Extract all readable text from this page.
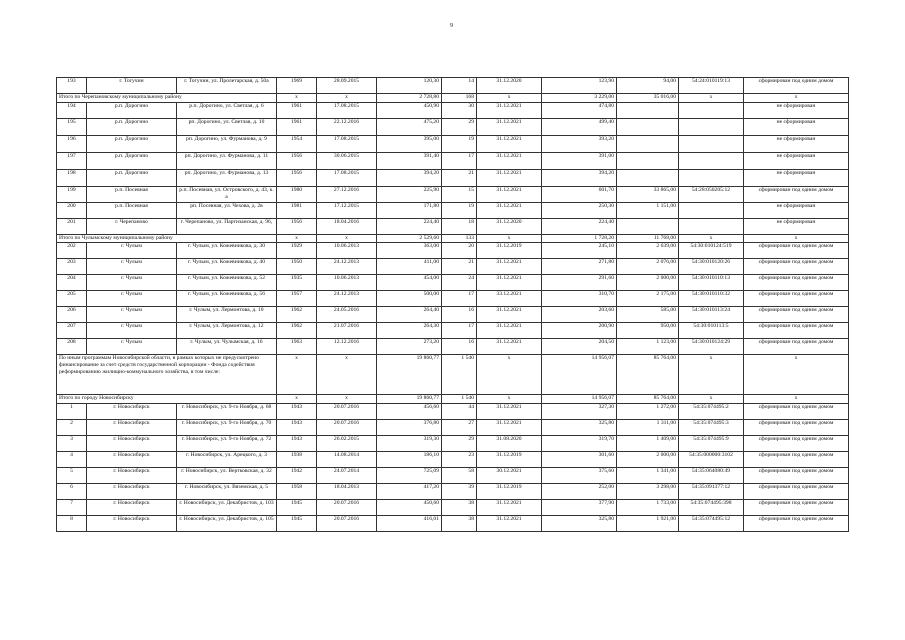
9
193	г. Тогучин	г. Тогучин, ул. Пролетарская, д. 50а	1969	28.09.2015	120,30	14	31.12.2020	123,90	94,00	54:24:010119:13	сформирован под одним домом
Итого по Черепановскому муниципальному району			x	x	2 728,80	168	x	3 229,00	35 016,00	x	x
194	р.п. Дорогино	р.п. Дорогино, ул. Светлая, д. 6	1961	17.08.2015	450,90	30	31.12.2021	474,80			не сформирован
195	р.п. Дорогино	рп. Дорогино, ул. Светлая, д. 10	1961	22.12.2016	475,20	29	31.12.2021	499,40			не сформирован
196	р.п. Дорогино	рп. Дорогино, ул. Фурманова, д. 9	1954	17.08.2015	395,00	19	31.12.2021	393,20			не сформирован
197	р.п. Дорогино	рп. Дорогино, ул. Фурманова, д. 11	1956	30.06.2015	391,40	17	31.12.2021	391,00			не сформирован
198	р.п. Дорогино	рп. Дорогино, ул. Фурманова, д. 13	1956	17.08.2015	394,20	21	31.12.2021	394,20			не сформирован
199	р.п. Посевная	р.п. Посевная, ул. Островского, д. 43, к. а	1980	27.12.2016	225,90	15	31.12.2021	601,70	33 865,00	54:28:050205:12	сформирован под одним домом
200	р.п. Посевная	рп. Посевная, ул. Чехова, д. 2в	1981	17.12.2015	171,80	19	31.12.2021	250,30	1 151,00		не сформирован
201	г. Черепаново	г. Черепаново, ул. Партизанская, д. 96,	1956	18.04.2016	224,40	18	31.12.2020	224,40			не сформирован
Итого по Чулымскому муниципальному району			x	x	2 529,60	133	x	1 728,20	11 768,00	x	x
202	г. Чулым	г. Чулым, ул. Кожевникова, д. 30	1929	10.06.2013	363,00	20	31.12.2019	245,10	2 639,00	54:30:010124:519	сформирован под одним домом
203	г. Чулым	г. Чулым, ул. Кожевникова, д. 40	1950	24.12.2013	411,00	21	31.12.2021	271,80	2 076,00	54:30:010120:26	сформирован под одним домом
204	г. Чулым	г. Чулым, ул. Кожевникова, д. 52	1935	10.06.2013	454,00	24	31.12.2021	291,60	2 000,00	54:30:010110:13	сформирован под одним домом
205	г. Чулым	г. Чулым, ул. Кожевникова, д. 56	1957	24.12.2013	500,00	17	33.12.2021	310,70	2 175,00	54:30:010110:32	сформирован под одним домом
206	г. Чулым	г. Чулым, ул. Лермонтова, д. 10	1962	24.05.2016	264,40	16	31.12.2021	203,60	585,00	54:30:010113:24	сформирован под одним домом
207	г. Чулым	г. Чулым, ул. Лермонтова, д. 12	1962	21.07.2016	264,30	17	31.12.2021	200,90	950,00	54:30:010113:5	сформирован под одним домом
208	г. Чулым	г. Чулым, ул. Чулымская, д. 16	1963	12.12.2016	273,20	16	31.12.2021	204,50	1 123,00	54:30:010124:29	сформирован под одним домом
По иным программам Новосибирской области, в рамках которых не предусмотрено финансирование за счет средств государственной корпорации - Фонда содействия реформированию жилищно-коммунального хозяйства, в том числе:			x	x	19 860,77	1 540	x	14 956,07	85 764,00	x	x
Итого по городу Новосибирску			x	x	19 860,77	1 540	x	14 956,07	85 764,00	x	x
1	г. Новосибирск	г. Новосибирск, ул. 9-го Ноября, д. 68	1943	20.07.2016	456,60	44	31.12.2021	327,30	1 272,00	54:35:074495:2	сформирован под одним домом
2	г. Новосибирск	г. Новосибирск, ул. 9-го Ноября, д. 70	1943	20.07.2016	376,80	27	31.12.2021	325,80	1 311,00	54:35:074495:3	сформирован под одним домом
3	г. Новосибирск	г. Новосибирск, ул. 9-го Ноября, д. 72	1943	26.02.2015	319,30	29	31.08.2020	319,70	1 409,00	54:35:074495:9	сформирован под одним домом
4	г. Новосибирск	г. Новосибирск, ул. Арецкого, д. 3	1938	14.08.2014	186,10	23	31.12.2019	301,60	2 000,00	54:35:000000:3102	сформирован под одним домом
5	г. Новосибирск	г. Новосибирск, ул. Вертковская, д. 32	1942	24.07.2014	725,09	58	30.12.2021	375,60	1 341,00	54:35:064080:49	сформирован под одним домом
6	г. Новосибирск	г. Новосибирск, ул. Вяземская, д. 5	1958	18.04.2013	417,20	39	31.12.2019	252,00	3 298,00	54:35:091377:12	сформирован под одним домом
7	г. Новосибирск	г. Новосибирск, ул. Декабристов, д. 103	1945	20.07.2016	450,60	38	31.12.2021	377,90	1 733,00	54:35:074495:398	сформирован под одним домом
8	г. Новосибирск	г. Новосибирск, ул. Декабристов, д. 105	1945	20.07.2016	416,01	38	31.12.2021	325,80	1 921,00	54:35:074495:12	сформирован под одним домом
